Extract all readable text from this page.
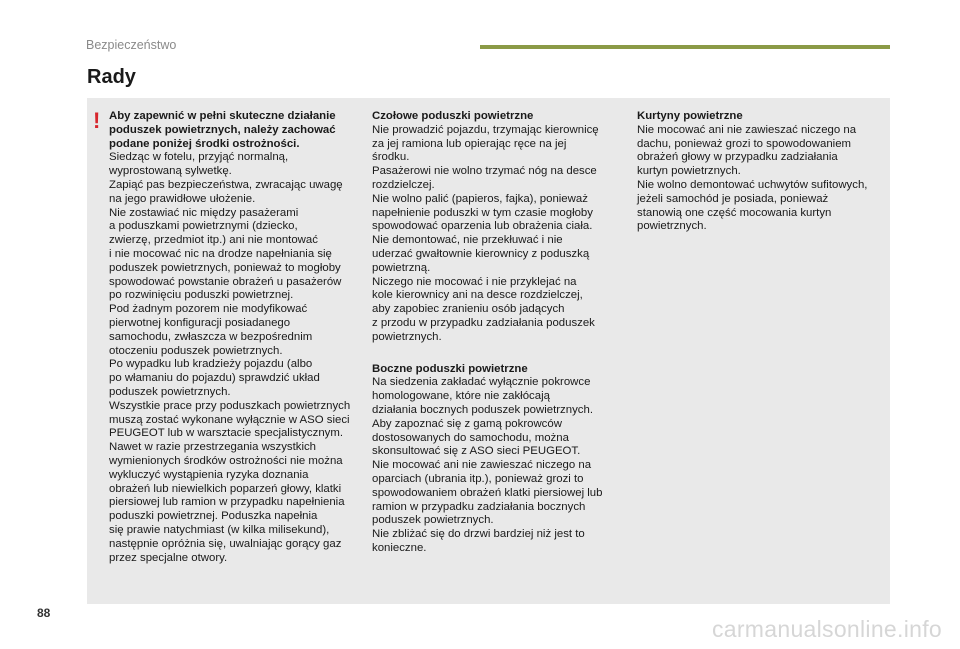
Bezpieczeństwo
Rady
! Aby zapewnić w pełni skuteczne działanie
poduszek powietrznych, należy zachować
podane poniżej środki ostrożności.

Siedząc w fotelu, przyjąć normalną,
wyprostowaną sylwetkę.
Zapiąć pas bezpieczeństwa, zwracając uwagę
na jego prawidłowe ułożenie.
Nie zostawiać nic między pasażerami
a poduszkami powietrznymi (dziecko,
zwierzę, przedmiot itp.) ani nie montować
i nie mocować nic na drodze napełniania się
poduszek powietrznych, ponieważ to mogłoby
spowodować powstanie obrażeń u pasażerów
po rozwinięciu poduszki powietrznej.
Pod żadnym pozorem nie modyfikować
pierwotnej konfiguracji posiadanego
samochodu, zwłaszcza w bezpośrednim
otoczeniu poduszek powietrznych.
Po wypadku lub kradzieży pojazdu (albo
po włamaniu do pojazdu) sprawdzić układ
poduszek powietrznych.
Wszystkie prace przy poduszkach powietrznych
muszą zostać wykonane wyłącznie w ASO sieci
PEUGEOT lub w warsztacie specjalistycznym.
Nawet w razie przestrzegania wszystkich
wymienionych środków ostrożności nie można
wykluczyć wystąpienia ryzyka doznania
obrażeń lub niewielkich poparzeń głowy, klatki
piersiowej lub ramion w przypadku napełnienia
poduszki powietrznej. Poduszka napełnia
się prawie natychmiast (w kilka milisekund),
następnie opróżnia się, uwalniając gorący gaz
przez specjalne otwory.

Czołowe poduszki powietrzne

Nie prowadzić pojazdu, trzymając kierownicę
za jej ramiona lub opierając ręce na jej
środku.
Pasażerowi nie wolno trzymać nóg na desce
rozdzielczej.
Nie wolno palić (papieros, fajka), ponieważ
napełnienie poduszki w tym czasie mogłoby
spowodować oparzenia lub obrażenia ciała.
Nie demontować, nie przekłuwać i nie
uderzać gwałtownie kierownicy z poduszką
powietrzną.
Niczego nie mocować i nie przyklejać na
kole kierownicy ani na desce rozdzielczej,
aby zapobiec zranieniu osób jadących
z przodu w przypadku zadziałania poduszek
powietrznych.

Boczne poduszki powietrzne

Na siedzenia zakładać wyłącznie pokrowce
homologowane, które nie zakłócają
działania bocznych poduszek powietrznych.
Aby zapoznać się z gamą pokrowców
dostosowanych do samochodu, można
skonsultować się z ASO sieci PEUGEOT.
Nie mocować ani nie zawieszać niczego na
oparciach (ubrania itp.), ponieważ grozi to
spowodowaniem obrażeń klatki piersiowej lub
ramion w przypadku zadziałania bocznych
poduszek powietrznych.
Nie zbliżać się do drzwi bardziej niż jest to
konieczne.

Kurtyny powietrzne

Nie mocować ani nie zawieszać niczego na
dachu, ponieważ grozi to spowodowaniem
obrażeń głowy w przypadku zadziałania
kurtyn powietrznych.
Nie wolno demontować uchwytów sufitowych,
jeżeli samochód je posiada, ponieważ
stanowią one część mocowania kurtyn
powietrznych.

88
carmanualsonline.info
